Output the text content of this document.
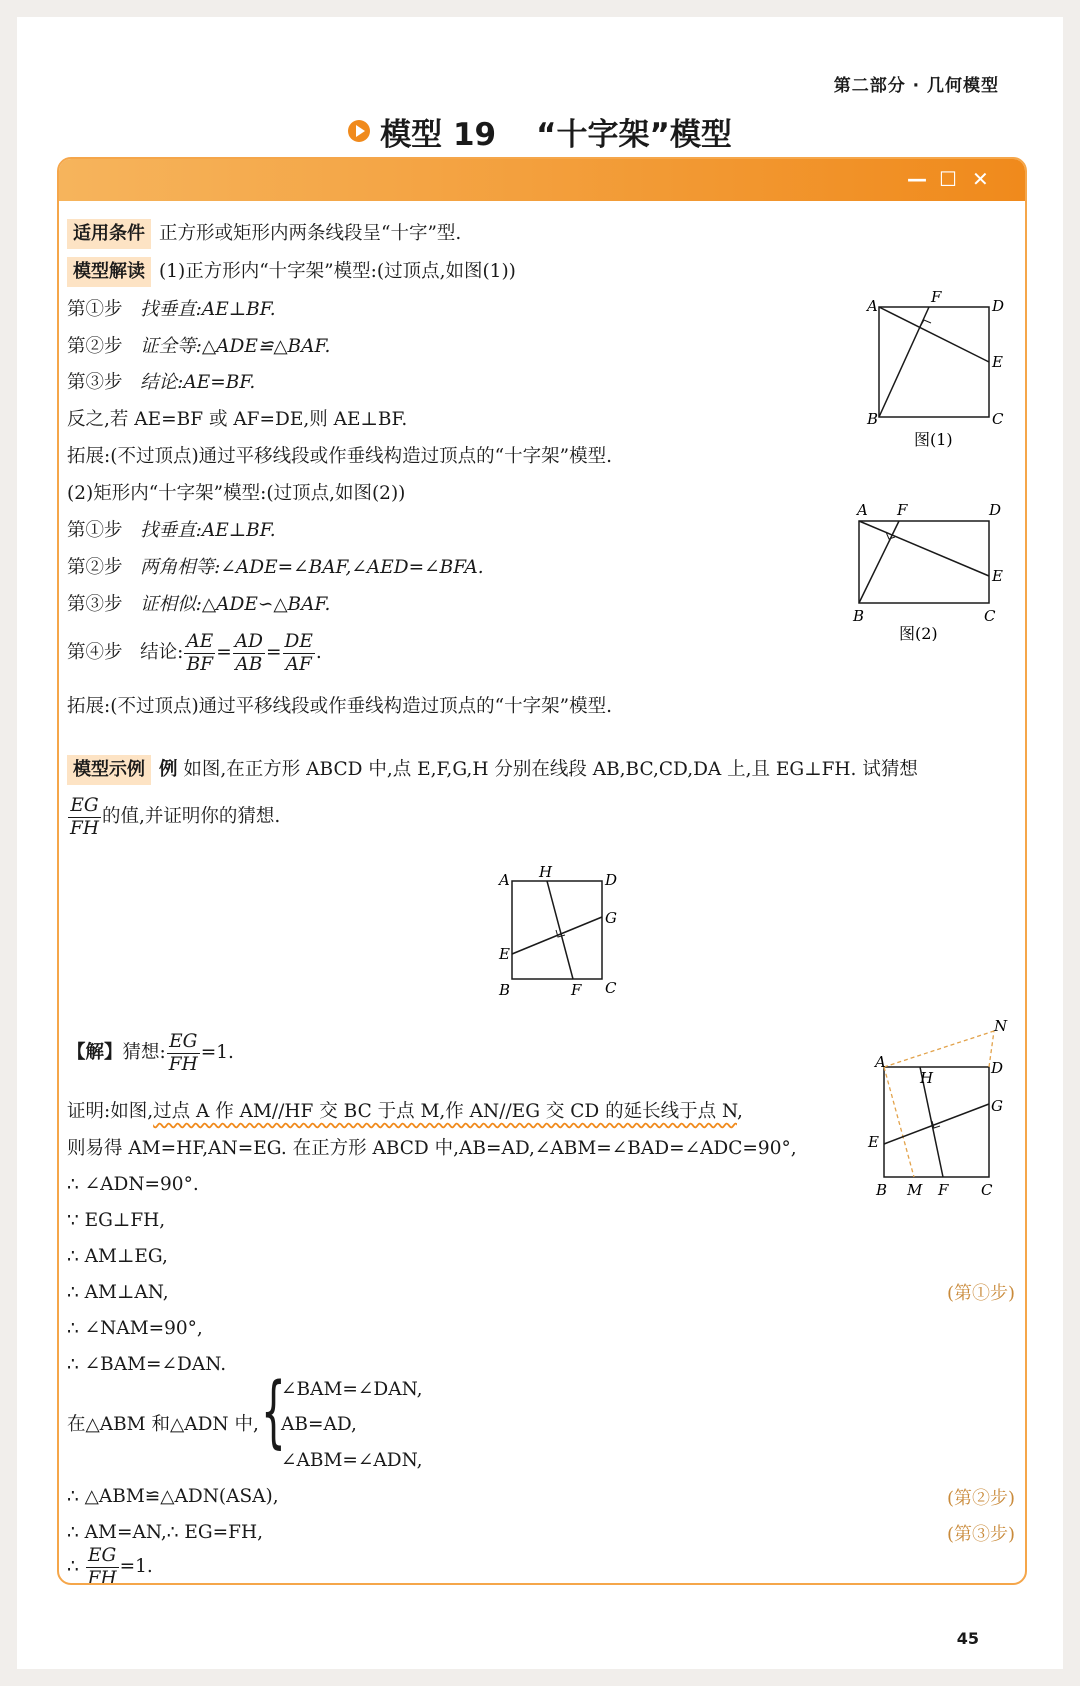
第二部分 · 几何模型
模型 19 “十字架”模型
— ☐ ✕
适用条件 正方形或矩形内两条线段呈“十字”型.
模型解读 (1)正方形内“十字架”模型:(过顶点,如图(1))
第①步 找垂直:AE⊥BF.
第②步 证全等:△ADE≌△BAF.
第③步 结论:AE=BF.
反之,若 AE=BF 或 AF=DE,则 AE⊥BF.
拓展:(不过顶点)通过平移线段或作垂线构造过顶点的“十字架”模型.
(2)矩形内“十字架”模型:(过顶点,如图(2))
第①步 找垂直:AE⊥BF.
第②步 两角相等:∠ADE=∠BAF,∠AED=∠BFA.
第③步 证相似:△ADE∽△BAF.
第④步 结论: $\frac{AE}{BF} = \frac{AD}{AB} = \frac{DE}{AF}$ .
拓展:(不过顶点)通过平移线段或作垂线构造过顶点的“十字架”模型.
A
B	C
D
E
F
图(1)
A
B	C
D
E
F
图(2)
模型示例 例 如图,在正方形 ABCD 中,点 E,F,G,H 分别在线段 AB,BC,CD,DA 上,且 EG⊥FH. 试猜想
$\frac{EG}{FH}$ 的值,并证明你的猜想.
A
B	C
D
E
F
G
H
【解】猜想: $\frac{EG}{FH} =1$.
证明:如图,过点 A 作 AM//HF 交 BC 于点 M,作 AN//EG 交 CD 的延长线于点 N,
则易得 AM=HF,AN=EG. 在正方形 ABCD 中,AB=AD,∠ABM=∠BAD=∠ADC=90°,
∴ ∠ADN=90°.
∵ EG⊥FH,
∴ AM⊥EG,
∴ AM⊥AN,
∴ ∠NAM=90°,
∴ ∠BAM=∠DAN.
(第①步)
在△ABM 和△ADN 中, {
∠BAM=∠DAN,
AB=AD,
∠ABM=∠ADN,
∴ △ABM≌△ADN(ASA),
∴ AM=AN,∴ EG=FH,
(第②步)
(第③步)
∴ $\frac{EG}{FH} =1$.
A
B	C
D
E
F
G
H
M
N
45
